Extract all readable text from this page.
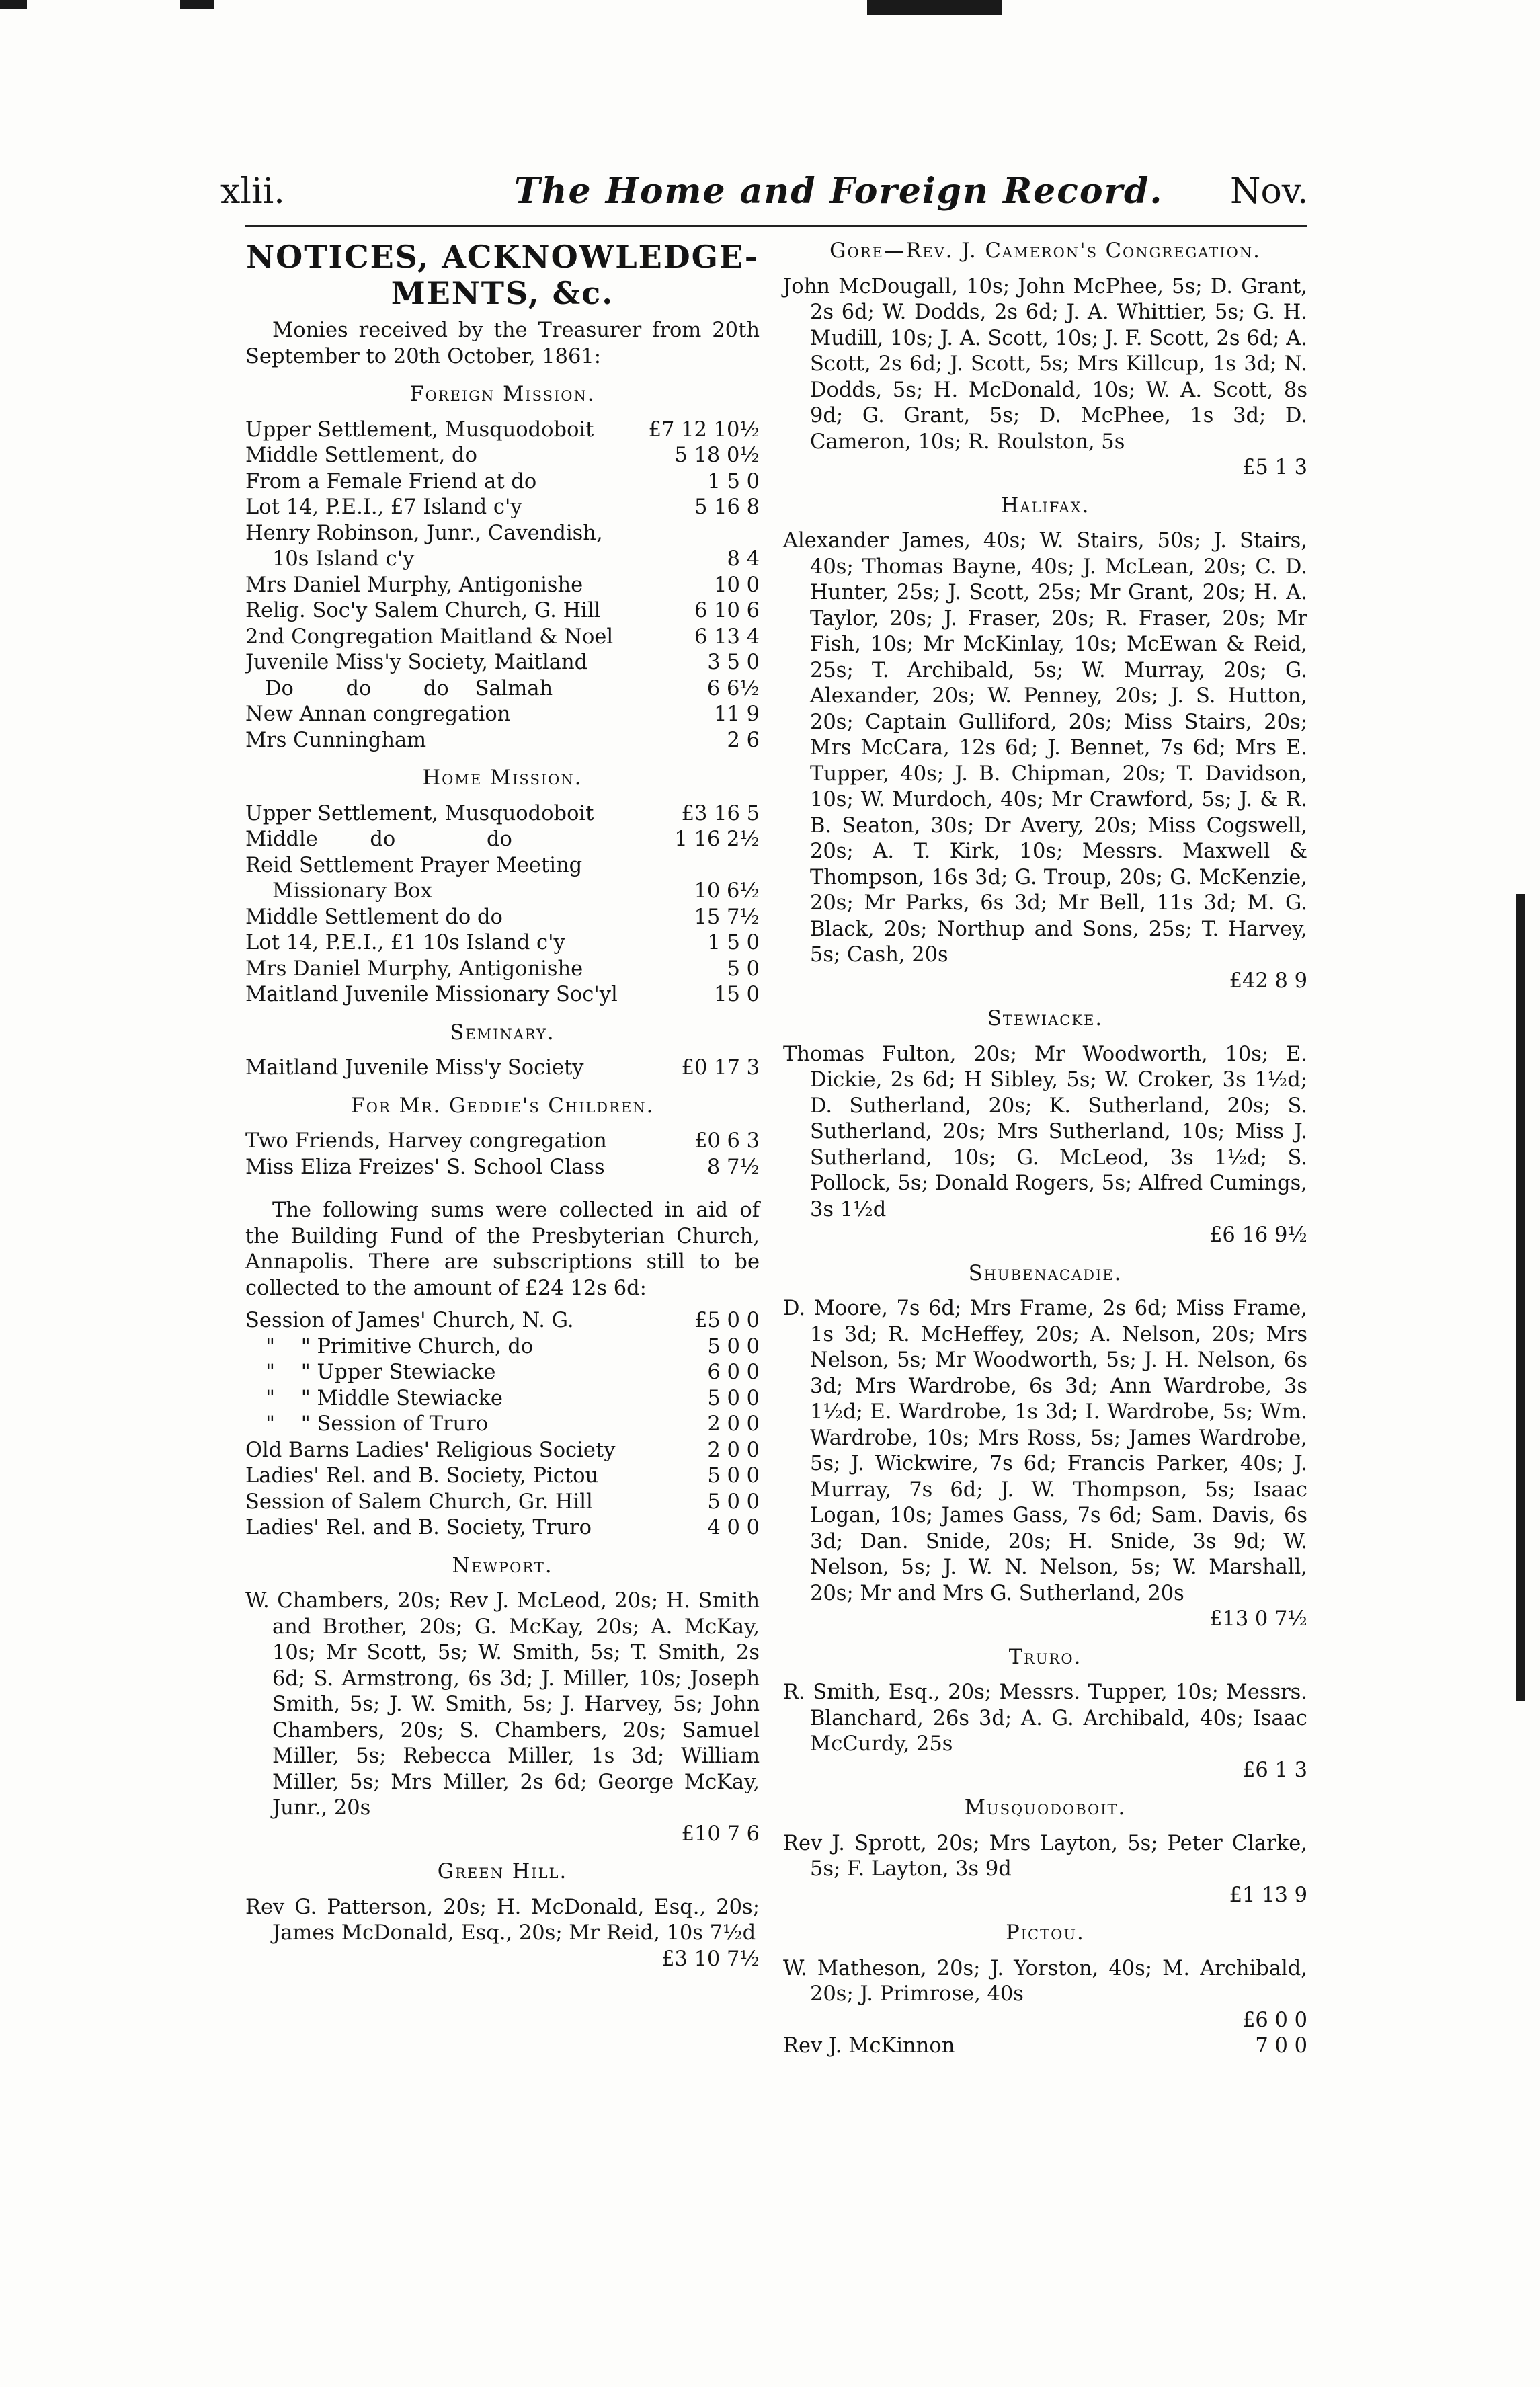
xlii.	The Home and Foreign Record. Nov.
NOTICES, ACKNOWLEDGE-MENTS, &c.

Monies received by the Treasurer from 20th September to 20th October, 1861:

Foreign Mission.
Upper Settlement, Musquodoboit	£7 12 10½
Middle Settlement, do	5 18 0½
From a Female Friend at do	1 5 0
Lot 14, P.E.I., £7 Island c'y	5 16 8
Henry Robinson, Junr., Cavendish,
10s Island c'y	8 4
Mrs Daniel Murphy, Antigonishe	10 0
Relig. Soc'y Salem Church, G. Hill	6 10 6
2nd Congregation Maitland & Noel	6 13 4
Juvenile Miss'y Society, Maitland	3 5 0
Do        do        do    Salmah	6 6½
New Annan congregation	11 9
Mrs Cunningham	2 6
Home Mission.
Upper Settlement, Musquodoboit	£3 16 5
Middle        do              do	1 16 2½
Reid Settlement Prayer Meeting
Missionary Box	10 6½
Middle Settlement do do	15 7½
Lot 14, P.E.I., £1 10s Island c'y	1 5 0
Mrs Daniel Murphy, Antigonishe	5 0
Maitland Juvenile Missionary Soc'yl	15 0
Seminary.
Maitland Juvenile Miss'y Society	£0 17 3
For Mr. Geddie's Children.
Two Friends, Harvey congregation	£0 6 3
Miss Eliza Freizes' S. School Class	8 7½

The following sums were collected in aid of the Building Fund of the Presbyterian Church, Annapolis. There are subscriptions still to be collected to the amount of £24 12s 6d:

Session of James' Church, N. G.	£5 0 0
"    " Primitive Church, do	5 0 0
"    " Upper Stewiacke	6 0 0
"    " Middle Stewiacke	5 0 0
"    " Session of Truro	2 0 0
Old Barns Ladies' Religious Society	2 0 0
Ladies' Rel. and B. Society, Pictou	5 0 0
Session of Salem Church, Gr. Hill	5 0 0
Ladies' Rel. and B. Society, Truro	4 0 0
Newport.

W. Chambers, 20s; Rev J. McLeod, 20s; H. Smith and Brother, 20s; G. McKay, 20s; A. McKay, 10s; Mr Scott, 5s; W. Smith, 5s; T. Smith, 2s 6d; S. Armstrong, 6s 3d; J. Miller, 10s; Joseph Smith, 5s; J. W. Smith, 5s; J. Harvey, 5s; John Chambers, 20s; S. Chambers, 20s; Samuel Miller, 5s; Rebecca Miller, 1s 3d; William Miller, 5s; Mrs Miller, 2s 6d; George McKay, Junr., 20s

£10 7 6
Green Hill.

Rev G. Patterson, 20s; H. McDonald, Esq., 20s; James McDonald, Esq., 20s; Mr Reid, 10s 7½d

£3 10 7½
Gore—Rev. J. Cameron's Congregation.

John McDougall, 10s; John McPhee, 5s; D. Grant, 2s 6d; W. Dodds, 2s 6d; J. A. Whittier, 5s; G. H. Mudill, 10s; J. A. Scott, 10s; J. F. Scott, 2s 6d; A. Scott, 2s 6d; J. Scott, 5s; Mrs Killcup, 1s 3d; N. Dodds, 5s; H. McDonald, 10s; W. A. Scott, 8s 9d; G. Grant, 5s; D. McPhee, 1s 3d; D. Cameron, 10s; R. Roulston, 5s

£5 1 3
Halifax.

Alexander James, 40s; W. Stairs, 50s; J. Stairs, 40s; Thomas Bayne, 40s; J. McLean, 20s; C. D. Hunter, 25s; J. Scott, 25s; Mr Grant, 20s; H. A. Taylor, 20s; J. Fraser, 20s; R. Fraser, 20s; Mr Fish, 10s; Mr McKinlay, 10s; McEwan & Reid, 25s; T. Archibald, 5s; W. Murray, 20s; G. Alexander, 20s; W. Penney, 20s; J. S. Hutton, 20s; Captain Gulliford, 20s; Miss Stairs, 20s; Mrs McCara, 12s 6d; J. Bennet, 7s 6d; Mrs E. Tupper, 40s; J. B. Chipman, 20s; T. Davidson, 10s; W. Murdoch, 40s; Mr Crawford, 5s; J. & R. B. Seaton, 30s; Dr Avery, 20s; Miss Cogswell, 20s; A. T. Kirk, 10s; Messrs. Maxwell & Thompson, 16s 3d; G. Troup, 20s; G. McKenzie, 20s; Mr Parks, 6s 3d; Mr Bell, 11s 3d; M. G. Black, 20s; Northup and Sons, 25s; T. Harvey, 5s; Cash, 20s

£42 8 9
Stewiacke.

Thomas Fulton, 20s; Mr Woodworth, 10s; E. Dickie, 2s 6d; H Sibley, 5s; W. Croker, 3s 1½d; D. Sutherland, 20s; K. Sutherland, 20s; S. Sutherland, 20s; Mrs Sutherland, 10s; Miss J. Sutherland, 10s; G. McLeod, 3s 1½d; S. Pollock, 5s; Donald Rogers, 5s; Alfred Cumings, 3s 1½d

£6 16 9½
Shubenacadie.

D. Moore, 7s 6d; Mrs Frame, 2s 6d; Miss Frame, 1s 3d; R. McHeffey, 20s; A. Nelson, 20s; Mrs Nelson, 5s; Mr Woodworth, 5s; J. H. Nelson, 6s 3d; Mrs Wardrobe, 6s 3d; Ann Wardrobe, 3s 1½d; E. Wardrobe, 1s 3d; I. Wardrobe, 5s; Wm. Wardrobe, 10s; Mrs Ross, 5s; James Wardrobe, 5s; J. Wickwire, 7s 6d; Francis Parker, 40s; J. Murray, 7s 6d; J. W. Thompson, 5s; Isaac Logan, 10s; James Gass, 7s 6d; Sam. Davis, 6s 3d; Dan. Snide, 20s; H. Snide, 3s 9d; W. Nelson, 5s; J. W. N. Nelson, 5s; W. Marshall, 20s; Mr and Mrs G. Sutherland, 20s

£13 0 7½
Truro.

R. Smith, Esq., 20s; Messrs. Tupper, 10s; Messrs. Blanchard, 26s 3d; A. G. Archibald, 40s; Isaac McCurdy, 25s

£6 1 3
Musquodoboit.

Rev J. Sprott, 20s; Mrs Layton, 5s; Peter Clarke, 5s; F. Layton, 3s 9d

£1 13 9
Pictou.

W. Matheson, 20s; J. Yorston, 40s; M. Archibald, 20s; J. Primrose, 40s

£6 0 0
Rev J. McKinnon	7 0 0
